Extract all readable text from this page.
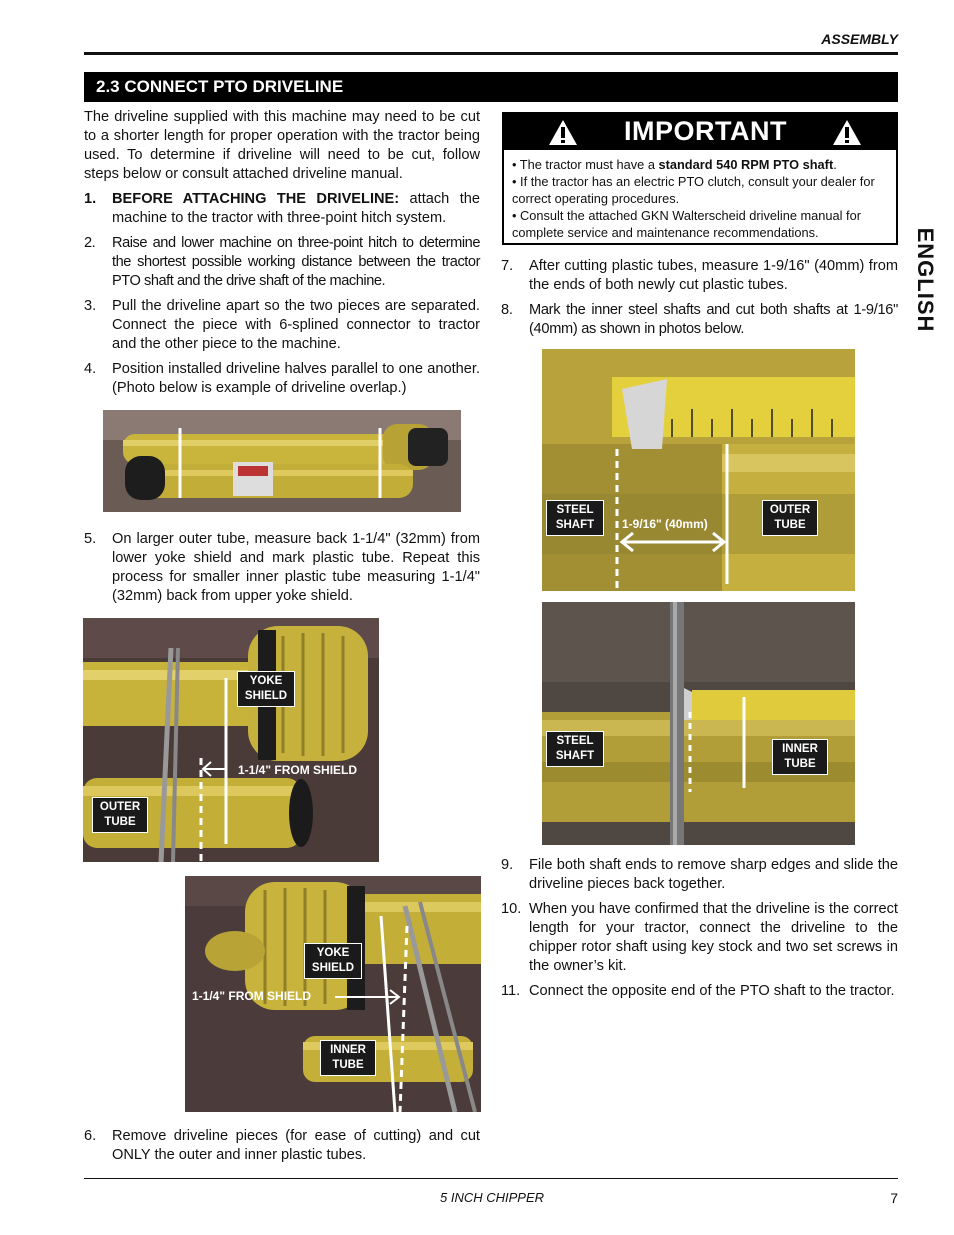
ASSEMBLY
2.3 CONNECT PTO DRIVELINE
ENGLISH
The driveline supplied with this machine may need to be cut to a shorter length for proper operation with the tractor being used. To determine if driveline will need to be cut, follow steps below or consult attached driveline manual.
1. BEFORE ATTACHING THE DRIVELINE: attach the machine to the tractor with three-point hitch system.
2. Raise and lower machine on three-point hitch to determine the shortest possible working distance between the tractor PTO shaft and the drive shaft of the machine.
3. Pull the driveline apart so the two pieces are separated. Connect the piece with 6-splined connector to tractor and the other piece to the machine.
4. Position installed driveline halves parallel to one another. (Photo below is example of driveline overlap.)
5. On larger outer tube, measure back 1-1/4" (32mm) from lower yoke shield and mark plastic tube. Repeat this process for smaller inner plastic tube measuring 1-1/4" (32mm) back from upper yoke shield.
YOKE SHIELD
1-1/4" FROM SHIELD
OUTER TUBE
YOKE SHIELD
1-1/4" FROM SHIELD
INNER TUBE
6. Remove driveline pieces (for ease of cutting) and cut ONLY the outer and inner plastic tubes.
IMPORTANT
• The tractor must have a standard 540 RPM PTO shaft.
• If the tractor has an electric PTO clutch, consult your dealer for correct operating procedures.
• Consult the attached GKN Walterscheid driveline manual for complete service and maintenance recommendations.
7. After cutting plastic tubes, measure 1-9/16" (40mm) from the ends of both newly cut plastic tubes.
8. Mark the inner steel shafts and cut both shafts at 1-9/16" (40mm) as shown in photos below.
STEEL SHAFT	1-9/16" (40mm)
OUTER TUBE
STEEL SHAFT
INNER TUBE
9. File both shaft ends to remove sharp edges and slide the driveline pieces back together.
10. When you have confirmed that the driveline is the correct length for your tractor, connect the driveline to the chipper rotor shaft using key stock and two set screws in the owner’s kit.
11. Connect the opposite end of the PTO shaft to the tractor.
5 INCH CHIPPER	7
